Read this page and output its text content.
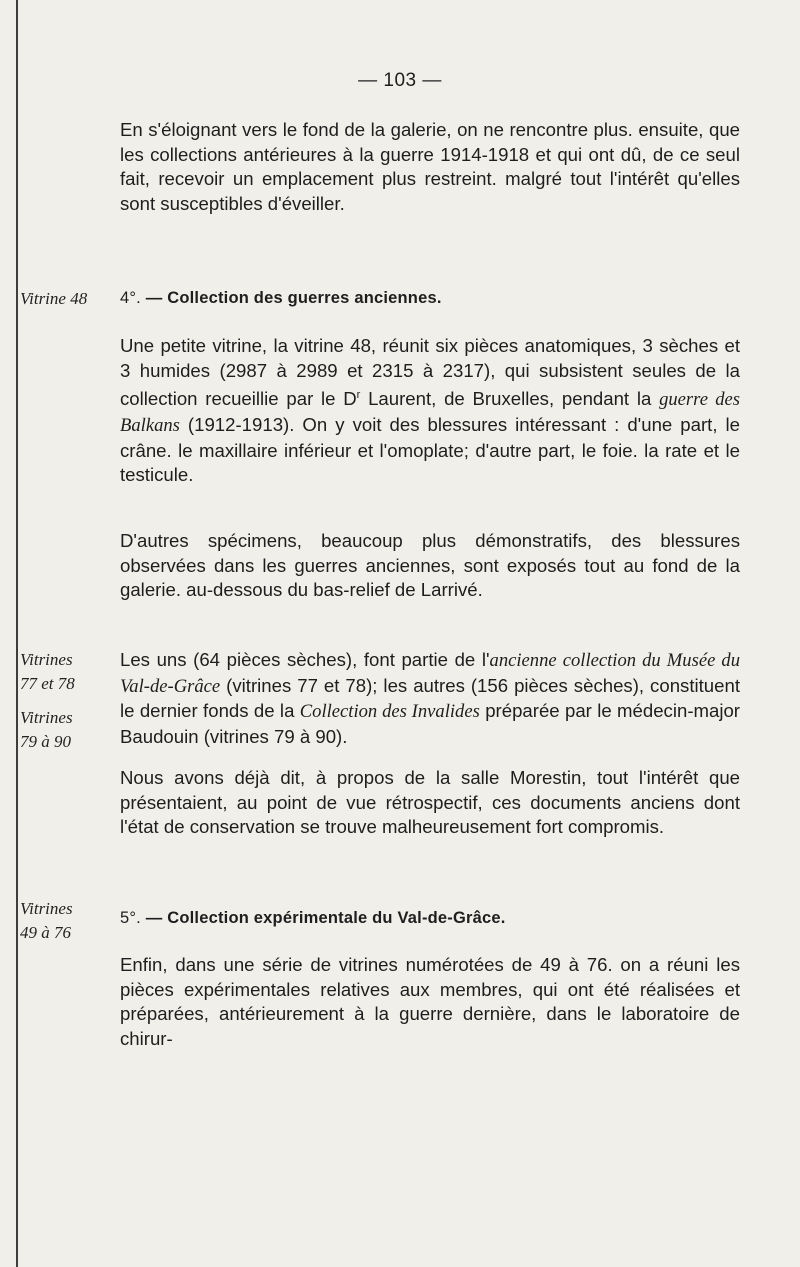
— 103 —

En s'éloignant vers le fond de la galerie, on ne rencontre plus. ensuite, que les collections antérieures à la guerre 1914-1918 et qui ont dû, de ce seul fait, recevoir un emplacement plus restreint. malgré tout l'intérêt qu'elles sont susceptibles d'éveiller.

Vitrine 48	4°. — Collection des guerres anciennes.

Une petite vitrine, la vitrine 48, réunit six pièces anatomiques, 3 sèches et 3 humides (2987 à 2989 et 2315 à 2317), qui subsistent seules de la collection recueillie par le $D^r$ Laurent, de Bruxelles, pendant la guerre des Balkans (1912-1913). On y voit des blessures intéressant : d'une part, le crâne. le maxillaire inférieur et l'omoplate; d'autre part, le foie. la rate et le testicule.

D'autres spécimens, beaucoup plus démonstratifs, des blessures observées dans les guerres anciennes, sont exposés tout au fond de la galerie. au-dessous du bas-relief de Larrivé.

Vitrines
77 et 78
Vitrines
79 à 90

Les uns (64 pièces sèches), font partie de l'ancienne collection du Musée du Val-de-Grâce (vitrines 77 et 78); les autres (156 pièces sèches), constituent le dernier fonds de la Collection des Invalides préparée par le médecin-major Baudouin (vitrines 79 à 90).

Nous avons déjà dit, à propos de la salle Morestin, tout l'intérêt que présentaient, au point de vue rétrospectif, ces documents anciens dont l'état de conservation se trouve malheureusement fort compromis.

Vitrines
49 à 76
5°. — Collection expérimentale du Val-de-Grâce.

Enfin, dans une série de vitrines numérotées de 49 à 76. on a réuni les pièces expérimentales relatives aux membres, qui ont été réalisées et préparées, antérieurement à la guerre dernière, dans le laboratoire de chirur-
